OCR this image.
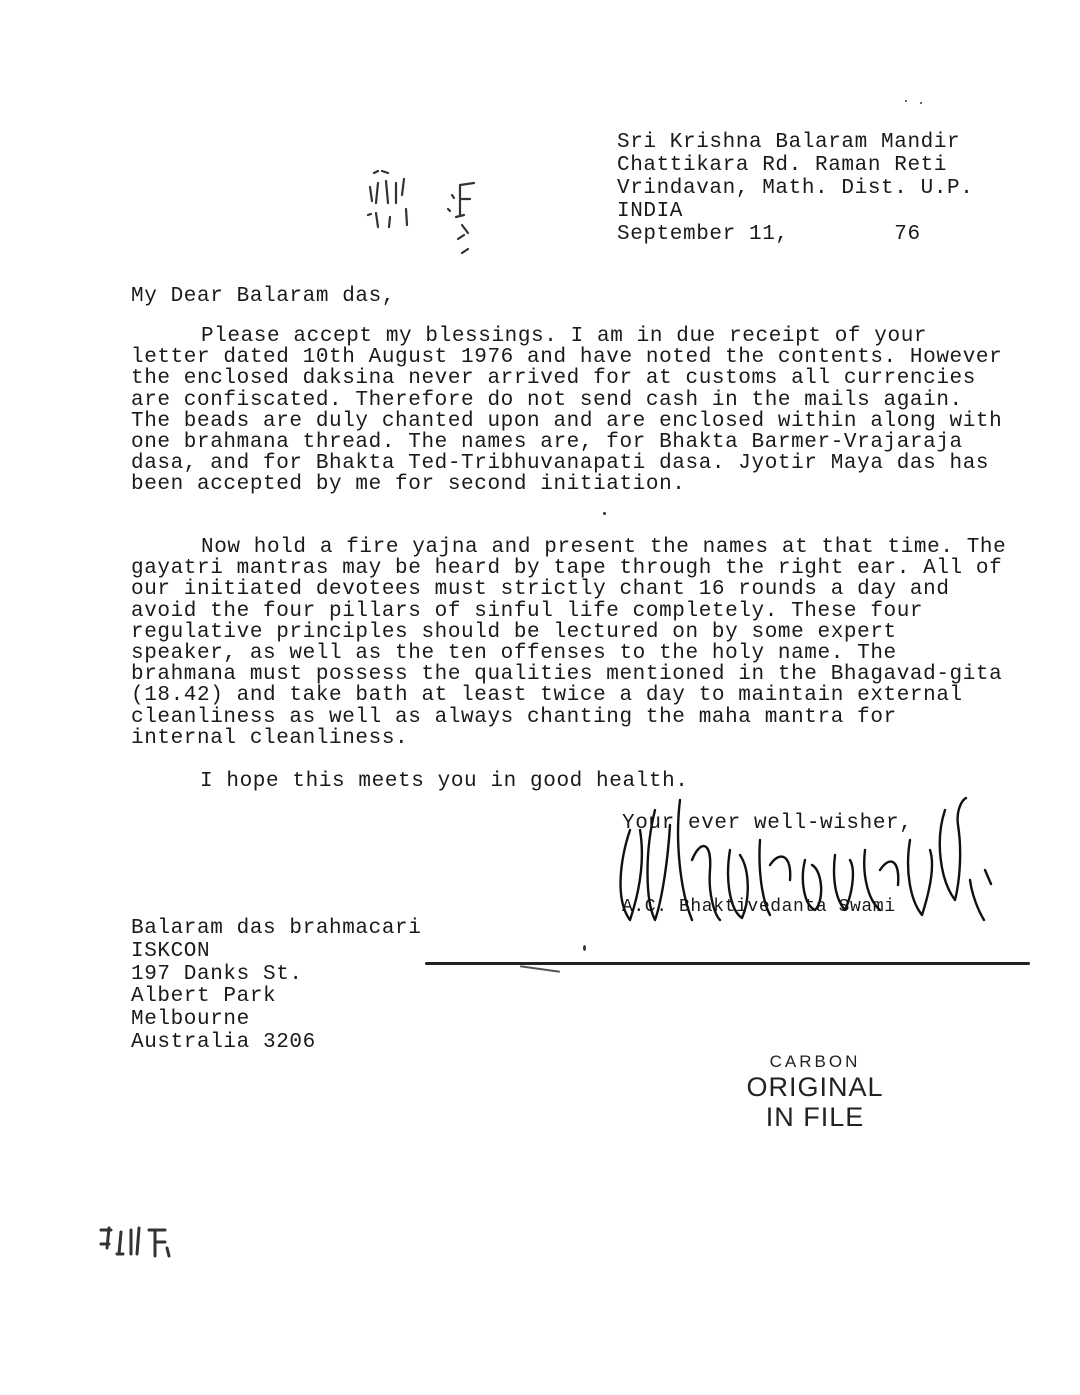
Sri Krishna Balaram Mandir
Chattikara Rd. Raman Reti
Vrindavan, Math. Dist. U.P.
INDIA
September 11,        76
My Dear Balaram das,

Please accept my blessings. I am in due receipt of your letter dated 10th August 1976 and have noted the contents. However the enclosed daksina never arrived for at customs all currencies are confiscated. Therefore do not send cash in the mails again. The beads are duly chanted upon and are enclosed within along with one brahmana thread. The names are, for Bhakta Barmer-Vrajaraja dasa, and for Bhakta Ted-Tribhuvanapati dasa. Jyotir Maya das has been accepted by me for second initiation.

Now hold a fire yajna and present the names at that time. The gayatri mantras may be heard by tape through the right ear. All of our initiated devotees must strictly chant 16 rounds a day and avoid the four pillars of sinful life completely. These four regulative principles should be lectured on by some expert speaker, as well as the ten offenses to the holy name. The brahmana must possess the qualities mentioned in the Bhagavad-gita (18.42) and take bath at least twice a day to maintain external cleanliness as well as always chanting the maha mantra for internal cleanliness.

I hope this meets you in good health.
Your ever well-wisher,
A.C. Bhaktivedanta Swami
Balaram das brahmacari
ISKCON
197 Danks St.
Albert Park
Melbourne
Australia 3206
CARBON
ORIGINAL
IN FILE
